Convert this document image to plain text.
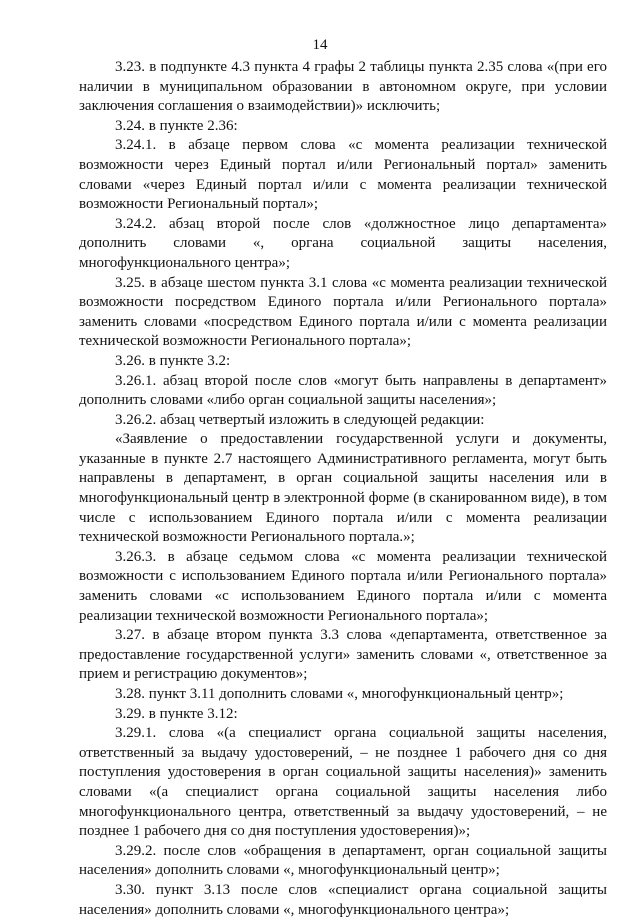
14

3.23. в подпункте 4.3 пункта 4 графы 2 таблицы пункта 2.35 слова «(при его наличии в муниципальном образовании в автономном округе, при условии заключения соглашения о взаимодействии)» исключить;

3.24. в пункте 2.36:

3.24.1. в абзаце первом слова «с момента реализации технической возможности через Единый портал и/или Региональный портал» заменить словами «через Единый портал и/или с момента реализации технической возможности Региональный портал»;

3.24.2. абзац второй после слов «должностное лицо департамента» дополнить словами «, органа социальной защиты населения, многофункционального центра»;

3.25. в абзаце шестом пункта 3.1 слова «с момента реализации технической возможности посредством Единого портала и/или Регионального портала» заменить словами «посредством Единого портала и/или с момента реализации технической возможности Регионального портала»;

3.26. в пункте 3.2:

3.26.1. абзац второй после слов «могут быть направлены в департамент» дополнить словами «либо орган социальной защиты населения»;

3.26.2. абзац четвертый изложить в следующей редакции:

«Заявление о предоставлении государственной услуги и документы, указанные в пункте 2.7 настоящего Административного регламента, могут быть направлены в департамент, в орган социальной защиты населения или в многофункциональный центр в электронной форме (в сканированном виде), в том числе с использованием Единого портала и/или с момента реализации технической возможности Регионального портала.»;

3.26.3. в абзаце седьмом слова «с момента реализации технической возможности с использованием Единого портала и/или Регионального портала» заменить словами «с использованием Единого портала и/или с момента реализации технической возможности Регионального портала»;

3.27. в абзаце втором пункта 3.3 слова «департамента, ответственное за предоставление государственной услуги» заменить словами «, ответственное за прием и регистрацию документов»;

3.28. пункт 3.11 дополнить словами «, многофункциональный центр»;

3.29. в пункте 3.12:

3.29.1. слова «(а специалист органа социальной защиты населения, ответственный за выдачу удостоверений, – не позднее 1 рабочего дня со дня поступления удостоверения в орган социальной защиты населения)» заменить словами «(а специалист органа социальной защиты населения либо многофункционального центра, ответственный за выдачу удостоверений, – не позднее 1 рабочего дня со дня поступления удостоверения)»;

3.29.2. после слов «обращения в департамент, орган социальной защиты населения» дополнить словами «, многофункциональный центр»;

3.30. пункт 3.13 после слов «специалист органа социальной защиты населения» дополнить словами «, многофункционального центра»;
